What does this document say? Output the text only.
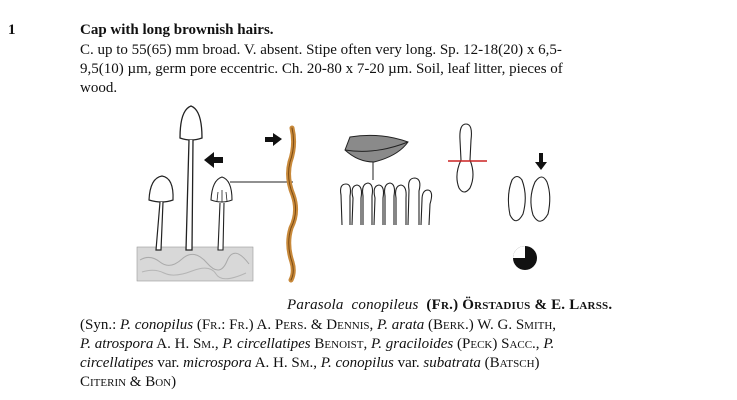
1	Cap with long brownish hairs.
C. up to 55(65) mm broad. V. absent. Stipe often very long. Sp. 12-18(20) x 6,5-
9,5(10) µm, germ pore eccentric. Ch. 20-80 x 7-20 µm. Soil, leaf litter, pieces of
wood.
Parasola conopileus (Fr.) Örstadius & E. Larss.
(Syn.: P. conopilus (Fr.: Fr.) A. Pers. & Dennis, P. arata (Berk.) W. G. Smith,
P. atrospora A. H. Sm., P. circellatipes Benoist, P. graciloides (Peck) Sacc., P.
circellatipes var. microspora A. H. Sm., P. conopilus var. subatrata (Batsch)
Citerin & Bon)
